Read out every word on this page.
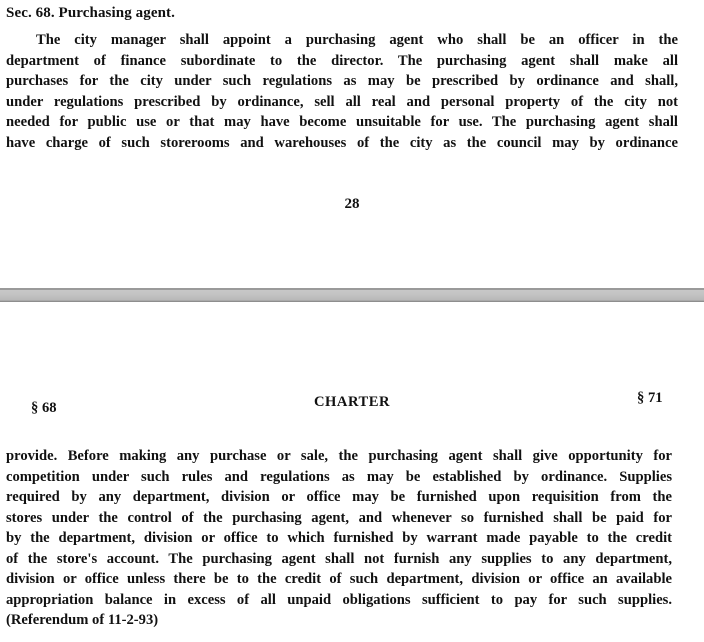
Sec. 68. Purchasing agent.

The city manager shall appoint a purchasing agent who shall be an officer in the
department of finance subordinate to the director. The purchasing agent shall make all
purchases for the city under such regulations as may be prescribed by ordinance and shall,
under regulations prescribed by ordinance, sell all real and personal property of the city not
needed for public use or that may have become unsuitable for use. The purchasing agent shall
have charge of such storerooms and warehouses of the city as the council may by ordinance

28
§ 68	CHARTER	§ 71

provide. Before making any purchase or sale, the purchasing agent shall give opportunity for
competition under such rules and regulations as may be established by ordinance. Supplies
required by any department, division or office may be furnished upon requisition from the
stores under the control of the purchasing agent, and whenever so furnished shall be paid for
by the department, division or office to which furnished by warrant made payable to the credit
of the store's account. The purchasing agent shall not furnish any supplies to any department,
division or office unless there be to the credit of such department, division or office an available
appropriation balance in excess of all unpaid obligations sufficient to pay for such supplies.
(Referendum of 11-2-93)
